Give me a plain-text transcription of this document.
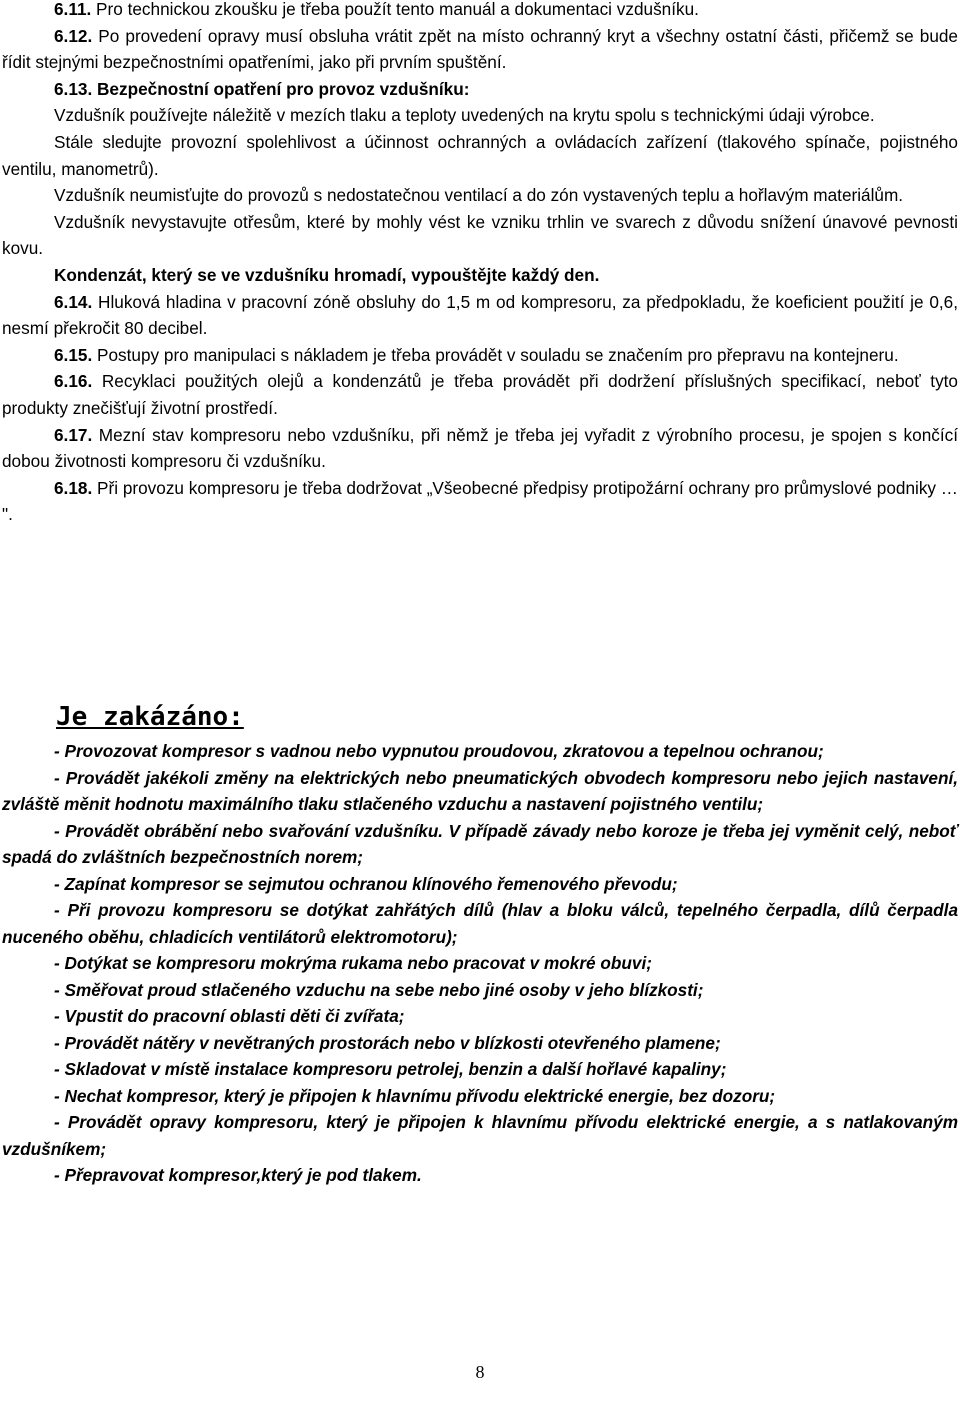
6.11. Pro technickou zkoušku je třeba použít tento manuál a dokumentaci vzdušníku.

6.12. Po provedení opravy musí obsluha vrátit zpět na místo ochranný kryt a všechny ostatní části, přičemž se bude řídit stejnými bezpečnostními opatřeními, jako při prvním spuštění.

6.13. Bezpečnostní opatření pro provoz vzdušníku:

Vzdušník používejte náležitě v mezích tlaku a teploty uvedených na krytu spolu s technickými údaji výrobce.

Stále sledujte provozní spolehlivost a účinnost ochranných a ovládacích zařízení (tlakového spínače, pojistného ventilu, manometrů).

Vzdušník neumisťujte do provozů s nedostatečnou ventilací a do zón vystavených teplu a hořlavým materiálům.

Vzdušník nevystavujte otřesům, které by mohly vést ke vzniku trhlin ve svarech z důvodu snížení únavové pevnosti kovu.

Kondenzát, který se ve vzdušníku hromadí, vypouštějte každý den.

6.14. Hluková hladina v pracovní zóně obsluhy do 1,5 m od kompresoru, za předpokladu, že koeficient použití je 0,6, nesmí překročit 80 decibel.

6.15. Postupy pro manipulaci s nákladem je třeba provádět v souladu se značením pro přepravu na kontejneru.

6.16. Recyklaci použitých olejů a kondenzátů je třeba provádět při dodržení příslušných specifikací, neboť tyto produkty znečišťují životní prostředí.

6.17. Mezní stav kompresoru nebo vzdušníku, při němž je třeba jej vyřadit z výrobního procesu, je spojen s končící dobou životnosti kompresoru či vzdušníku.

6.18. Při provozu kompresoru je třeba dodržovat „Všeobecné předpisy protipožární ochrany pro průmyslové podniky … ".

Je zakázáno:

- Provozovat kompresor s vadnou nebo vypnutou proudovou, zkratovou a tepelnou ochranou;

- Provádět jakékoli změny na elektrických nebo pneumatických obvodech kompresoru nebo jejich nastavení, zvláště měnit hodnotu maximálního tlaku stlačeného vzduchu a nastavení pojistného ventilu;

- Provádět obrábění nebo svařování vzdušníku. V případě závady nebo koroze je třeba jej vyměnit celý, neboť spadá do zvláštních bezpečnostních norem;

- Zapínat kompresor se sejmutou ochranou klínového řemenového převodu;

- Při provozu kompresoru se dotýkat zahřátých dílů (hlav a bloku válců, tepelného čerpadla, dílů čerpadla nuceného oběhu, chladicích ventilátorů elektromotoru);

- Dotýkat se kompresoru mokrýma rukama nebo pracovat v mokré obuvi;

- Směřovat proud stlačeného vzduchu na sebe nebo jiné osoby v jeho blízkosti;

- Vpustit do pracovní oblasti děti či zvířata;

- Provádět nátěry v nevětraných prostorách nebo v blízkosti otevřeného plamene;

- Skladovat v místě instalace kompresoru petrolej, benzin a další hořlavé kapaliny;

- Nechat kompresor, který je připojen k hlavnímu přívodu elektrické energie, bez dozoru;

- Provádět opravy kompresoru, který je připojen k hlavnímu přívodu elektrické energie, a s natlakovaným vzdušníkem;

- Přepravovat kompresor,který je pod tlakem.

8
